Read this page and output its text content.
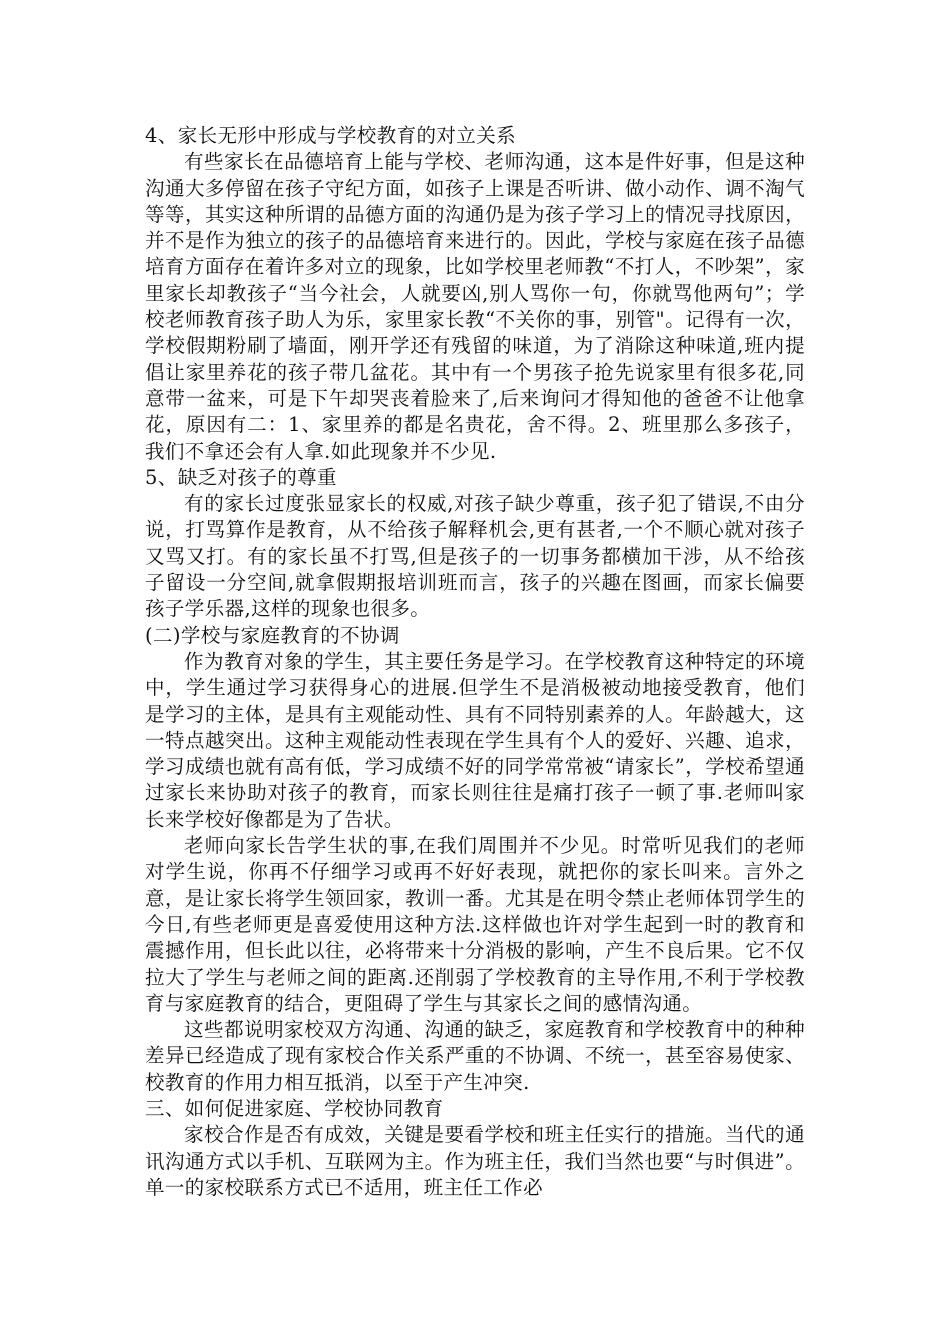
4、家长无形中形成与学校教育的对立关系

有些家长在品德培育上能与学校、老师沟通，这本是件好事，但是这种沟通大多停留在孩子守纪方面，如孩子上课是否听讲、做小动作、调不淘气等等，其实这种所谓的品德方面的沟通仍是为孩子学习上的情况寻找原因，并不是作为独立的孩子的品德培育来进行的。因此，学校与家庭在孩子品德培育方面存在着许多对立的现象，比如学校里老师教“不打人，不吵架”，家里家长却教孩子“当今社会，人就要凶,别人骂你一句，你就骂他两句”；学校老师教育孩子助人为乐，家里家长教“不关你的事，别管"。记得有一次，学校假期粉刷了墙面，刚开学还有残留的味道，为了消除这种味道,班内提倡让家里养花的孩子带几盆花。其中有一个男孩子抢先说家里有很多花,同意带一盆来，可是下午却哭丧着脸来了,后来询问才得知他的爸爸不让他拿花，原因有二：1、家里养的都是名贵花，舍不得。2、班里那么多孩子，我们不拿还会有人拿.如此现象并不少见.

5、缺乏对孩子的尊重

有的家长过度张显家长的权威,对孩子缺少尊重，孩子犯了错误,不由分说，打骂算作是教育，从不给孩子解释机会,更有甚者,一个不顺心就对孩子又骂又打。有的家长虽不打骂,但是孩子的一切事务都横加干涉，从不给孩子留设一分空间,就拿假期报培训班而言，孩子的兴趣在图画，而家长偏要孩子学乐器,这样的现象也很多。

(二)学校与家庭教育的不协调

作为教育对象的学生，其主要任务是学习。在学校教育这种特定的环境中，学生通过学习获得身心的进展.但学生不是消极被动地接受教育，他们是学习的主体，是具有主观能动性、具有不同特别素养的人。年龄越大，这一特点越突出。这种主观能动性表现在学生具有个人的爱好、兴趣、追求，学习成绩也就有高有低，学习成绩不好的同学常常被“请家长”，学校希望通过家长来协助对孩子的教育，而家长则往往是痛打孩子一顿了事.老师叫家长来学校好像都是为了告状。

老师向家长告学生状的事,在我们周围并不少见。时常听见我们的老师对学生说，你再不仔细学习或再不好好表现，就把你的家长叫来。言外之意，是让家长将学生领回家，教训一番。尤其是在明令禁止老师体罚学生的今日,有些老师更是喜爱使用这种方法.这样做也许对学生起到一时的教育和震撼作用，但长此以往，必将带来十分消极的影响，产生不良后果。它不仅拉大了学生与老师之间的距离.还削弱了学校教育的主导作用,不利于学校教育与家庭教育的结合，更阻碍了学生与其家长之间的感情沟通。

这些都说明家校双方沟通、沟通的缺乏，家庭教育和学校教育中的种种差异已经造成了现有家校合作关系严重的不协调、不统一，甚至容易使家、校教育的作用力相互抵消，以至于产生冲突.

三、如何促进家庭、学校协同教育

家校合作是否有成效，关键是要看学校和班主任实行的措施。当代的通讯沟通方式以手机、互联网为主。作为班主任，我们当然也要“与时俱进”。单一的家校联系方式已不适用，班主任工作必
